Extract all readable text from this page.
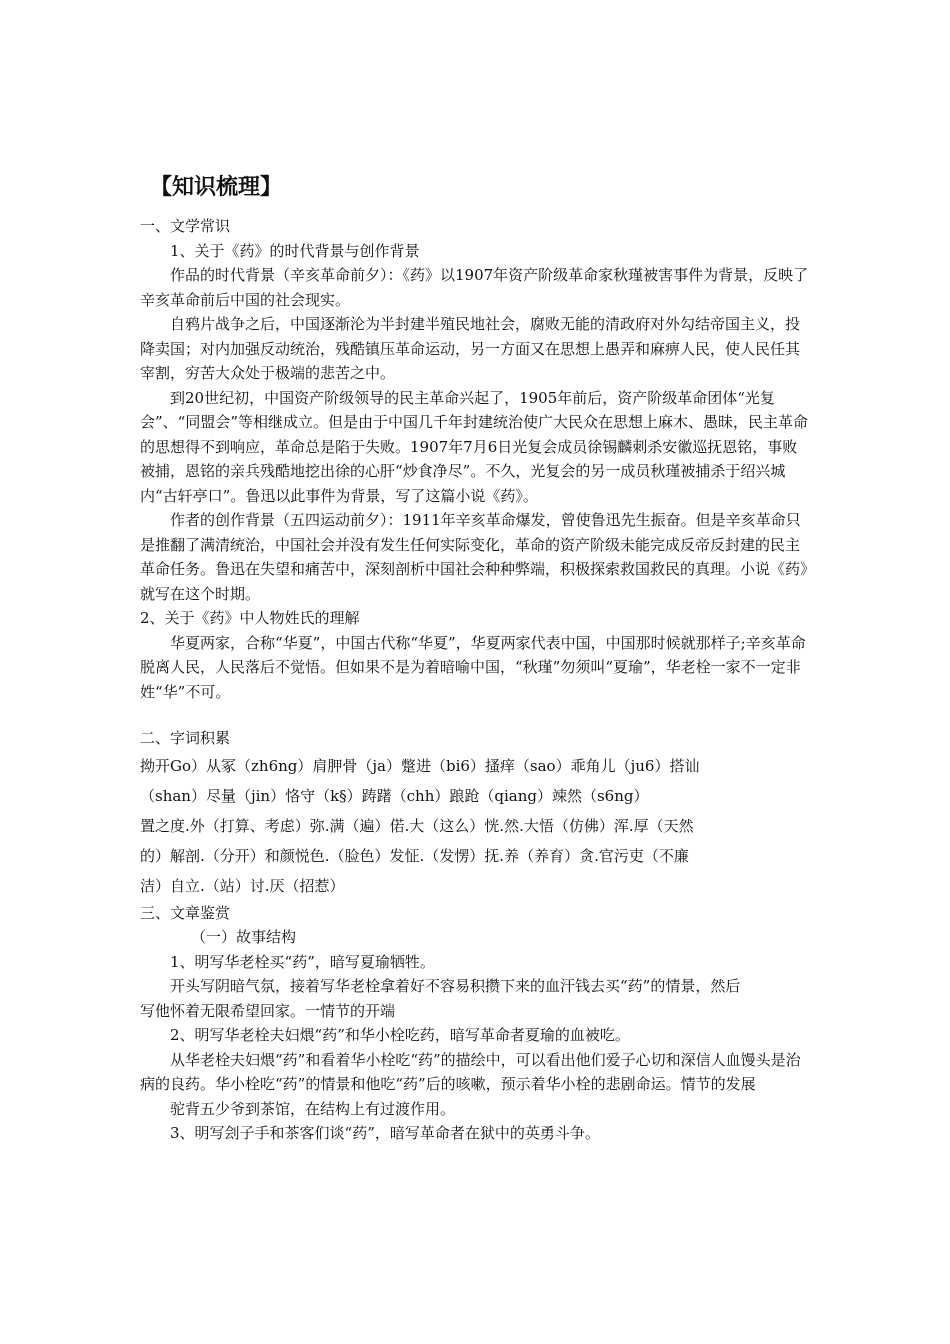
【知识梳理】

一、文学常识

1、关于《药》的时代背景与创作背景

作品的时代背景（辛亥革命前夕）：《药》以1907年资产阶级革命家秋瑾被害事件为背景，反映了辛亥革命前后中国的社会现实。

自鸦片战争之后，中国逐渐沦为半封建半殖民地社会，腐败无能的清政府对外勾结帝国主义，投降卖国；对内加强反动统治，残酷镇压革命运动，另一方面又在思想上愚弄和麻痹人民，使人民任其宰割，穷苦大众处于极端的悲苦之中。

到20世纪初，中国资产阶级领导的民主革命兴起了，1905年前后，资产阶级革命团体“光复会”、“同盟会”等相继成立。但是由于中国几千年封建统治使广大民众在思想上麻木、愚昧，民主革命的思想得不到响应，革命总是陷于失败。1907年7月6日光复会成员徐锡麟刺杀安徽巡抚恩铭，事败被捕，恩铭的亲兵残酷地挖出徐的心肝“炒食净尽”。不久，光复会的另一成员秋瑾被捕杀于绍兴城内“古轩亭口”。鲁迅以此事件为背景，写了这篇小说《药》。

作者的创作背景（五四运动前夕）：1911年辛亥革命爆发，曾使鲁迅先生振奋。但是辛亥革命只是推翻了满清统治，中国社会并没有发生任何实际变化，革命的资产阶级未能完成反帝反封建的民主革命任务。鲁迅在失望和痛苦中，深刻剖析中国社会种种弊端，积极探索救国救民的真理。小说《药》就写在这个时期。

2、关于《药》中人物姓氏的理解

华夏两家，合称“华夏”，中国古代称“华夏”，华夏两家代表中国，中国那时候就那样子;辛亥革命脱离人民，人民落后不觉悟。但如果不是为着暗喻中国，“秋瑾”勿须叫“夏瑜”，华老栓一家不一定非姓“华”不可。

二、字词积累

拗开Go）从冢（zh6ng）肩胛骨（ja）蹩进（bi6）搔痒（sao）乖角儿（ju6）搭讪

（shan）尽量（jin）恪守（k§）踌躇（chh）踉跄（qiang）竦然（s6ng）

置之度.外（打算、考虑）弥.满（遍）偌.大（这么）恍.然.大悟（仿佛）浑.厚（天然

的）解剖.（分开）和颜悦色.（脸色）发怔.（发愣）抚.养（养育）贪.官污吏（不廉

洁）自立.（站）讨.厌（招惹）

三、文章鉴赏

（一）故事结构

1、明写华老栓买“药”，暗写夏瑜牺牲。

开头写阴暗气氛，接着写华老栓拿着好不容易积攒下来的血汗钱去买“药”的情景，然后

写他怀着无限希望回家。一情节的开端

2、明写华老栓夫妇煨“药”和华小栓吃药，暗写革命者夏瑜的血被吃。

从华老栓夫妇煨“药”和看着华小栓吃“药”的描绘中，可以看出他们爱子心切和深信人血馒头是治病的良药。华小栓吃“药”的情景和他吃“药”后的咳嗽，预示着华小栓的悲剧命运。情节的发展

驼背五少爷到茶馆，在结构上有过渡作用。

3、明写刽子手和茶客们谈“药”，暗写革命者在狱中的英勇斗争。
